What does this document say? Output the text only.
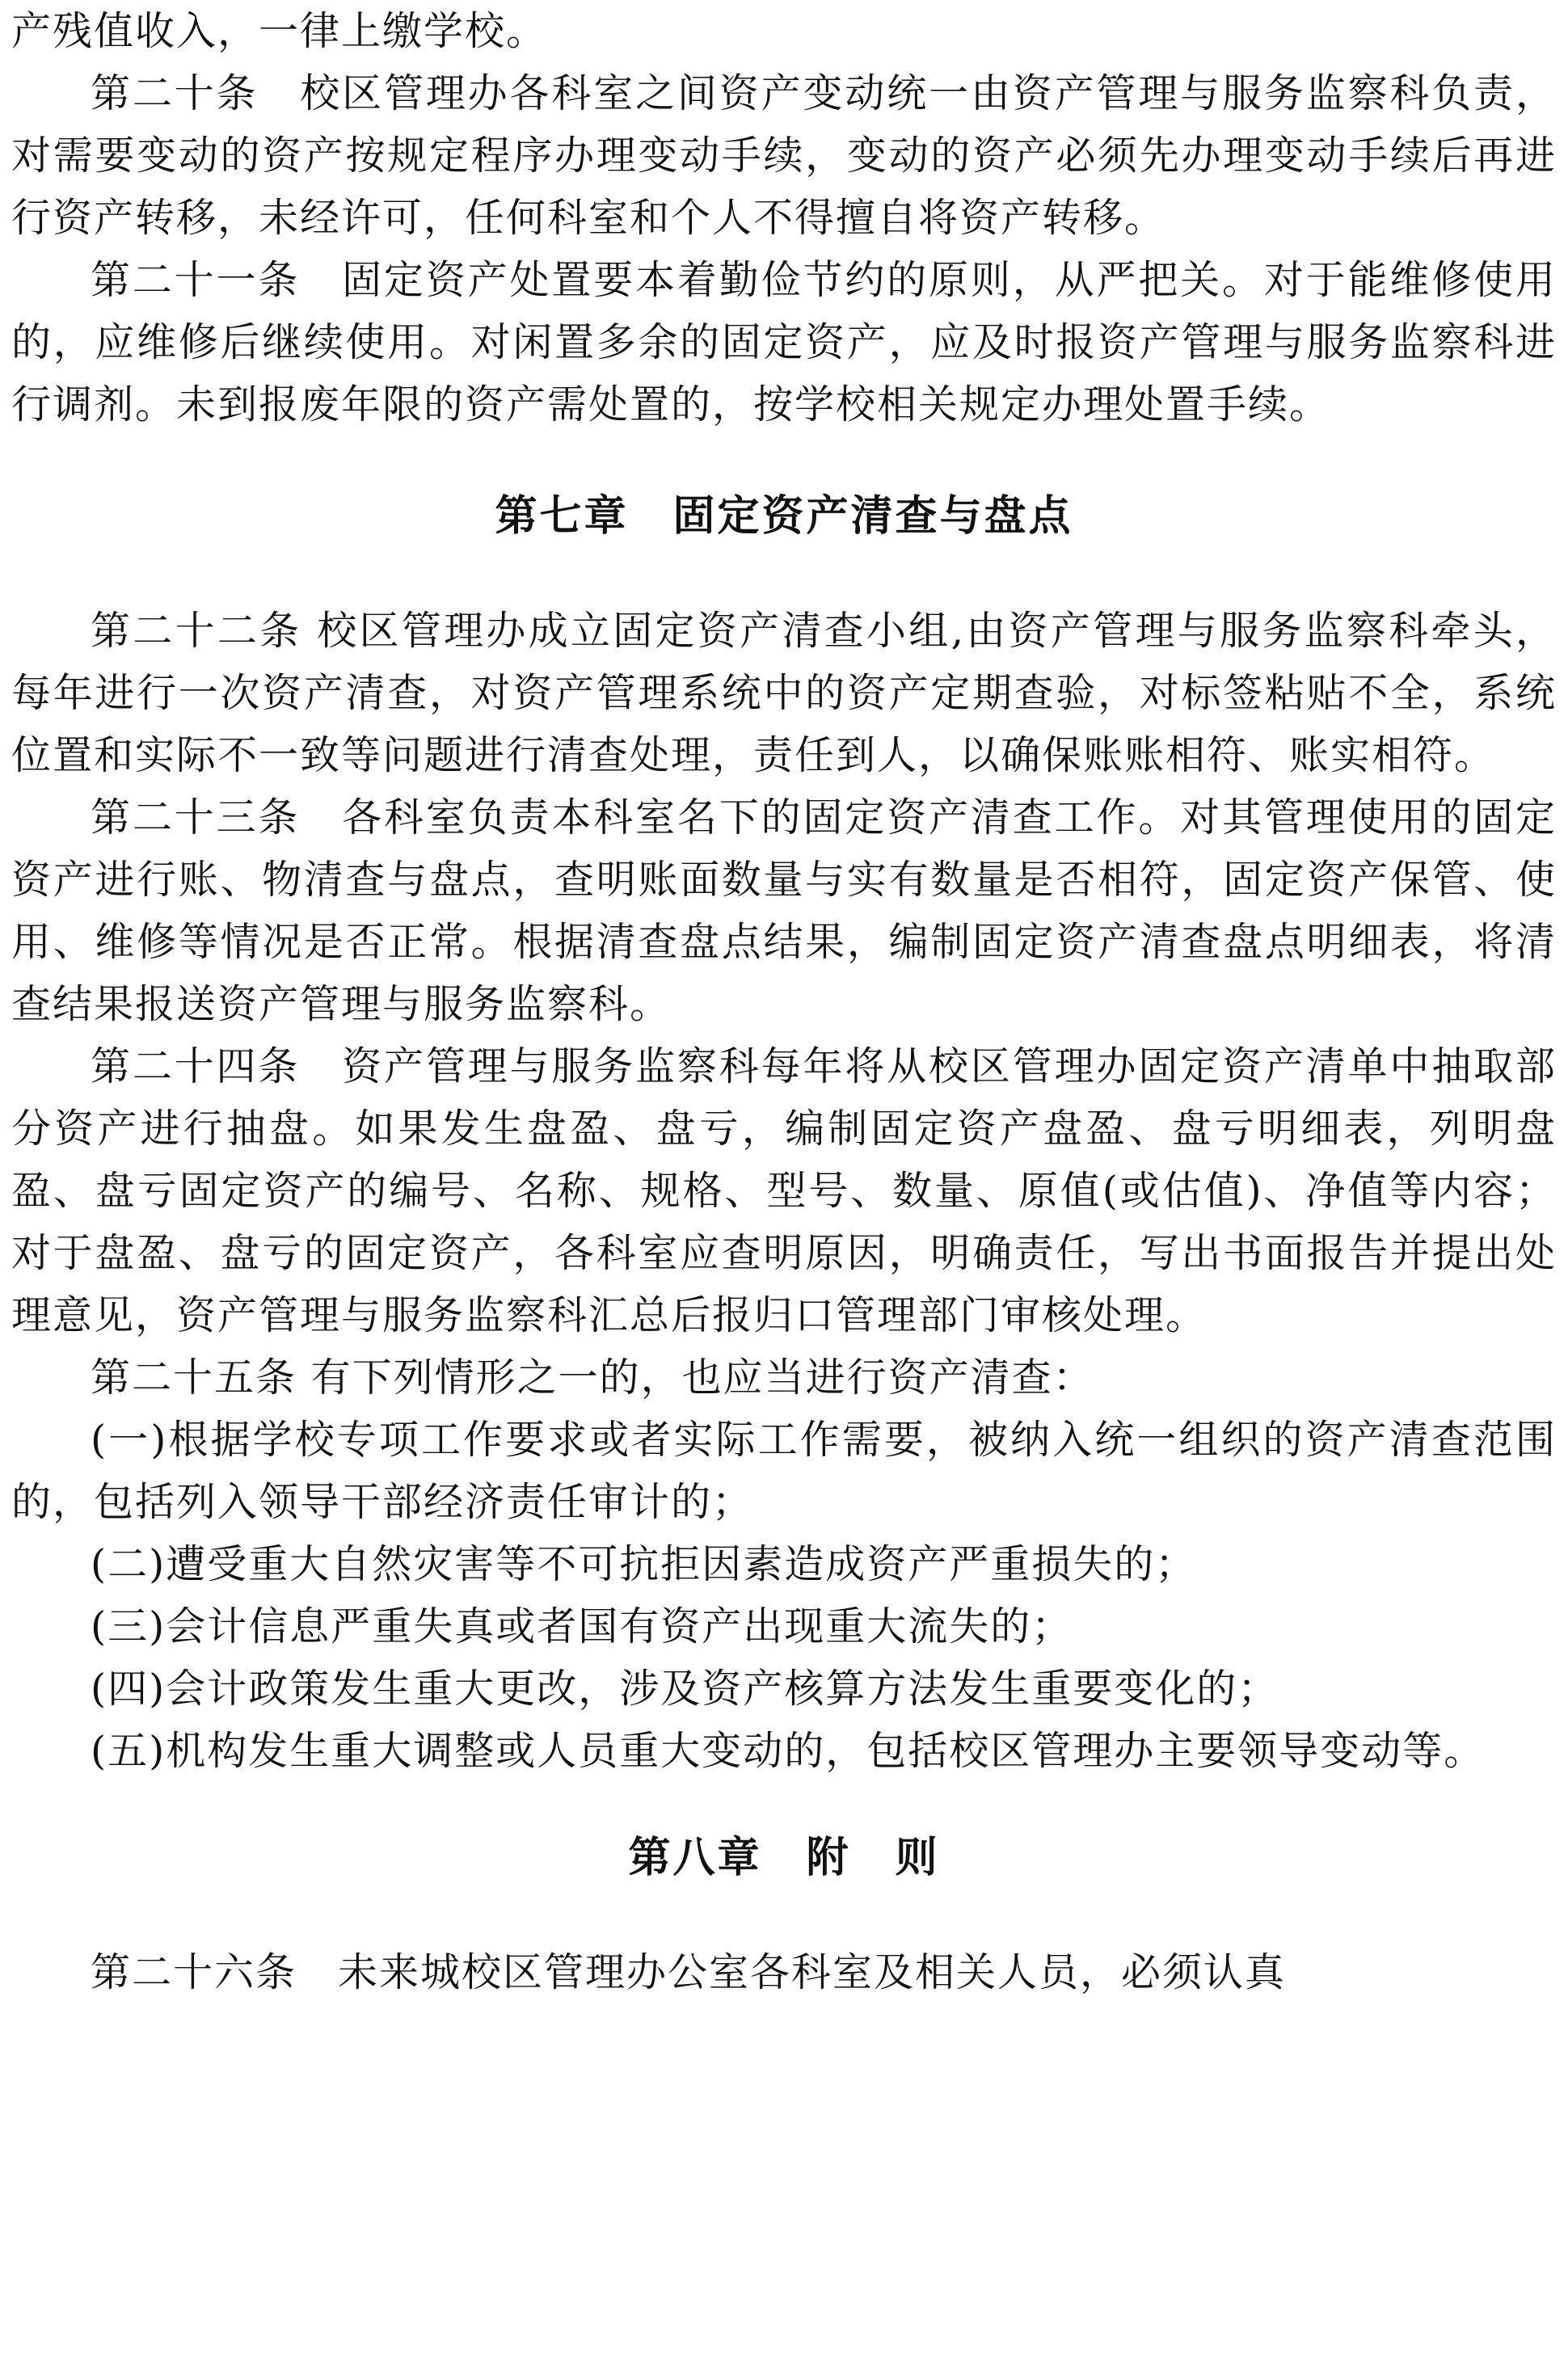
产残值收入，一律上缴学校。

第二十条　校区管理办各科室之间资产变动统一由资产管理与服务监察科负责，对需要变动的资产按规定程序办理变动手续，变动的资产必须先办理变动手续后再进行资产转移，未经许可，任何科室和个人不得擅自将资产转移。

第二十一条　固定资产处置要本着勤俭节约的原则，从严把关。对于能维修使用的，应维修后继续使用。对闲置多余的固定资产，应及时报资产管理与服务监察科进行调剂。未到报废年限的资产需处置的，按学校相关规定办理处置手续。

第七章　固定资产清查与盘点

第二十二条 校区管理办成立固定资产清查小组,由资产管理与服务监察科牵头，每年进行一次资产清查，对资产管理系统中的资产定期查验，对标签粘贴不全，系统位置和实际不一致等问题进行清查处理，责任到人，以确保账账相符、账实相符。

第二十三条　各科室负责本科室名下的固定资产清查工作。对其管理使用的固定资产进行账、物清查与盘点，查明账面数量与实有数量是否相符，固定资产保管、使用、维修等情况是否正常。根据清查盘点结果，编制固定资产清查盘点明细表，将清查结果报送资产管理与服务监察科。

第二十四条　资产管理与服务监察科每年将从校区管理办固定资产清单中抽取部分资产进行抽盘。如果发生盘盈、盘亏，编制固定资产盘盈、盘亏明细表，列明盘盈、盘亏固定资产的编号、名称、规格、型号、数量、原值(或估值)、净值等内容；对于盘盈、盘亏的固定资产，各科室应查明原因，明确责任，写出书面报告并提出处理意见，资产管理与服务监察科汇总后报归口管理部门审核处理。

第二十五条 有下列情形之一的，也应当进行资产清查：

(一)根据学校专项工作要求或者实际工作需要，被纳入统一组织的资产清查范围的，包括列入领导干部经济责任审计的；

(二)遭受重大自然灾害等不可抗拒因素造成资产严重损失的；

(三)会计信息严重失真或者国有资产出现重大流失的；

(四)会计政策发生重大更改，涉及资产核算方法发生重要变化的；

(五)机构发生重大调整或人员重大变动的，包括校区管理办主要领导变动等。

第八章　附　则

第二十六条　未来城校区管理办公室各科室及相关人员，必须认真
